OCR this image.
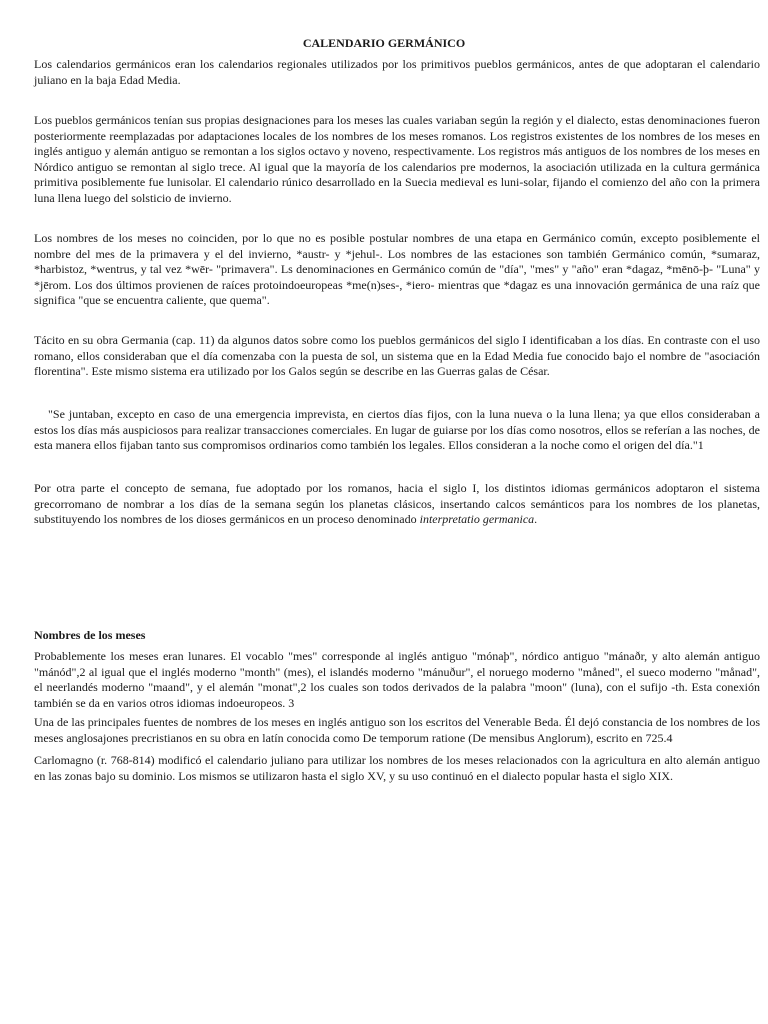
CALENDARIO GERMÁNICO

Los calendarios germánicos eran los calendarios regionales utilizados por los primitivos pueblos germánicos, antes de que adoptaran el calendario juliano en la baja Edad Media.

Los pueblos germánicos tenían sus propias designaciones para los meses las cuales variaban según la región y el dialecto, estas denominaciones fueron posteriormente reemplazadas por adaptaciones locales de los nombres de los meses romanos. Los registros existentes de los nombres de los meses en inglés antiguo y alemán antiguo se remontan a los siglos octavo y noveno, respectivamente. Los registros más antiguos de los nombres de los meses en Nórdico antiguo se remontan al siglo trece. Al igual que la mayoría de los calendarios pre modernos, la asociación utilizada en la cultura germánica primitiva posiblemente fue lunisolar. El calendario rúnico desarrollado en la Suecia medieval es luni-solar, fijando el comienzo del año con la primera luna llena luego del solsticio de invierno.

Los nombres de los meses no coinciden, por lo que no es posible postular nombres de una etapa en Germánico común, excepto posiblemente el nombre del mes de la primavera y el del invierno, *austr- y *jehul-. Los nombres de las estaciones son también Germánico común, *sumaraz, *harbistoz, *wentrus, y tal vez *wēr- "primavera". Ls denominaciones en Germánico común de "día", "mes" y "año" eran *dagaz, *mēnō-þ- "Luna" y *jērom. Los dos últimos provienen de raíces protoindoeuropeas *me(n)ses-, *iero- mientras que *dagaz es una innovación germánica de una raíz que significa "que se encuentra caliente, que quema".

Tácito en su obra Germania (cap. 11) da algunos datos sobre como los pueblos germánicos del siglo I identificaban a los días. En contraste con el uso romano, ellos consideraban que el día comenzaba con la puesta de sol, un sistema que en la Edad Media fue conocido bajo el nombre de "asociación florentina". Este mismo sistema era utilizado por los Galos según se describe en las Guerras galas de César.

"Se juntaban, excepto en caso de una emergencia imprevista, en ciertos días fijos, con la luna nueva o la luna llena; ya que ellos consideraban a estos los días más auspiciosos para realizar transacciones comerciales. En lugar de guiarse por los días como nosotros, ellos se referían a las noches, de esta manera ellos fijaban tanto sus compromisos ordinarios como también los legales. Ellos consideran a la noche como el origen del día."1

Por otra parte el concepto de semana, fue adoptado por los romanos, hacia el siglo I, los distintos idiomas germánicos adoptaron el sistema grecorromano de nombrar a los días de la semana según los planetas clásicos, insertando calcos semánticos para los nombres de los planetas, substituyendo los nombres de los dioses germánicos en un proceso denominado interpretatio germanica.

Nombres de los meses

Probablemente los meses eran lunares. El vocablo "mes" corresponde al inglés antiguo "mónaþ", nórdico antiguo "mánaðr, y alto alemán antiguo "mánód",2 al igual que el inglés moderno "month" (mes), el islandés moderno "mánuður", el noruego moderno "måned", el sueco moderno "månad", el neerlandés moderno "maand", y el alemán "monat",2 los cuales son todos derivados de la palabra "moon" (luna), con el sufijo -th. Esta conexión también se da en varios otros idiomas indoeuropeos. 3

Una de las principales fuentes de nombres de los meses en inglés antiguo son los escritos del Venerable Beda. Él dejó constancia de los nombres de los meses anglosajones precristianos en su obra en latín conocida como De temporum ratione (De mensibus Anglorum), escrito en 725.4

Carlomagno (r. 768-814) modificó el calendario juliano para utilizar los nombres de los meses relacionados con la agricultura en alto alemán antiguo en las zonas bajo su dominio. Los mismos se utilizaron hasta el siglo XV, y su uso continuó en el dialecto popular hasta el siglo XIX.
